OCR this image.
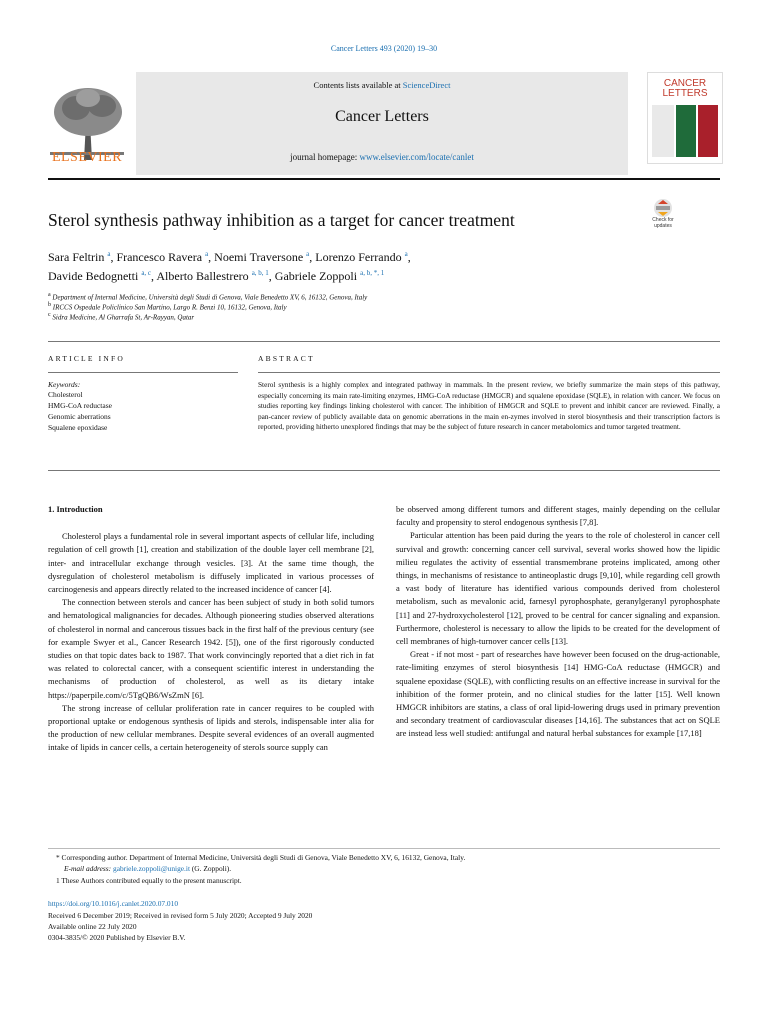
Cancer Letters 493 (2020) 19–30
ELSEVIER
Contents lists available at ScienceDirect
Cancer Letters
journal homepage: www.elsevier.com/locate/canlet
CANCER
LETTERS
Sterol synthesis pathway inhibition as a target for cancer treatment	Check for
updates
Sara Feltrin $^a$, Francesco Ravera $^a$, Noemi Traversone $^a$, Lorenzo Ferrando $^a$,
Davide Bedognetti $^{a, c}$, Alberto Ballestrero $^{a, b, 1}$, Gabriele Zoppoli $^{a, b, *, 1}$
$^a$ Department of Internal Medicine, Università degli Studi di Genova, Viale Benedetto XV, 6, 16132, Genova, Italy
$^b$ IRCCS Ospedale Policlinico San Martino, Largo R. Benzi 10, 16132, Genova, Italy
$^c$ Sidra Medicine, Al Gharrafa St, Ar-Rayyan, Qatar
ARTICLE INFO
Keywords:
Cholesterol
HMG-CoA reductase
Genomic aberrations
Squalene epoxidase
ABSTRACT
Sterol synthesis is a highly complex and integrated pathway in mammals. In the present review, we briefly summarize the main steps of this pathway, especially concerning its main rate-limiting enzymes, HMG-CoA reductase (HMGCR) and squalene epoxidase (SQLE), in relation with cancer. We focus on studies reporting key findings linking cholesterol with cancer. The inhibition of HMGCR and SQLE to prevent and inhibit cancer are reviewed. Finally, a pan-cancer review of publicly available data on genomic aberrations in the main en-zymes involved in sterol biosynthesis and their transcription factors is reported, providing hitherto unexplored findings that may be the subject of future research in cancer metabolomics and tumor targeted treatment.
1. Introduction

Cholesterol plays a fundamental role in several important aspects of cellular life, including regulation of cell growth [1], creation and stabilization of the double layer cell membrane [2], inter- and intracellular exchange through vesicles. [3]. At the same time though, the dysregulation of cholesterol metabolism is diffusely implicated in various processes of carcinogenesis and appears directly related to the increased incidence of cancer [4].

The connection between sterols and cancer has been subject of study in both solid tumors and hematological malignancies for decades. Although pioneering studies observed alterations of cholesterol in normal and cancerous tissues back in the first half of the previous century (see for example Swyer et al., Cancer Research 1942. [5]), one of the first rigorously conducted studies on that topic dates back to 1987. That work convincingly reported that a diet rich in fat was related to colorectal cancer, with a consequent scientific interest in understanding the mechanisms of production of cholesterol, as well as its dietary intake https://paperpile.com/c/5TgQB6/WsZmN [6].

The strong increase of cellular proliferation rate in cancer requires to be coupled with proportional uptake or endogenous synthesis of lipids and sterols, indispensable inter alia for the production of new cellular membranes. Despite several evidences of an overall augmented intake of lipids in cancer cells, a certain heterogeneity of sterols source supply can

be observed among different tumors and different stages, mainly depending on the cellular faculty and propensity to sterol endogenous synthesis [7,8].

Particular attention has been paid during the years to the role of cholesterol in cancer cell survival and growth: concerning cancer cell survival, several works showed how the lipidic milieu regulates the activity of essential transmembrane proteins implicated, among other things, in mechanisms of resistance to antineoplastic drugs [9,10], while regarding cell growth a vast body of literature has identified various compounds derived from cholesterol metabolism, such as mevalonic acid, farnesyl pyrophosphate, geranylgeranyl pyrophosphate [11] and 27-hydroxycholesterol [12], proved to be central for cancer signaling and expansion. Furthermore, cholesterol is necessary to allow the lipids to be created for the development of cell membranes of high-turnover cancer cells [13].

Great - if not most - part of researches have however been focused on the drug-actionable, rate-limiting enzymes of sterol biosynthesis [14] HMG-CoA reductase (HMGCR) and squalene epoxidase (SQLE), with conflicting results on an effective increase in survival for the inhibition of the former protein, and no clinical studies for the latter [15]. Well known HMGCR inhibitors are statins, a class of oral lipid-lowering drugs used in primary prevention and secondary treatment of cardiovascular diseases [14,16]. The substances that act on SQLE are instead less well studied: antifungal and natural herbal substances for example [17,18]

* Corresponding author. Department of Internal Medicine, Università degli Studi di Genova, Viale Benedetto XV, 6, 16132, Genova, Italy.
E-mail address: gabriele.zoppoli@unige.it (G. Zoppoli).
1 These Authors contributed equally to the present manuscript.
https://doi.org/10.1016/j.canlet.2020.07.010
Received 6 December 2019; Received in revised form 5 July 2020; Accepted 9 July 2020
Available online 22 July 2020
0304-3835/© 2020 Published by Elsevier B.V.
